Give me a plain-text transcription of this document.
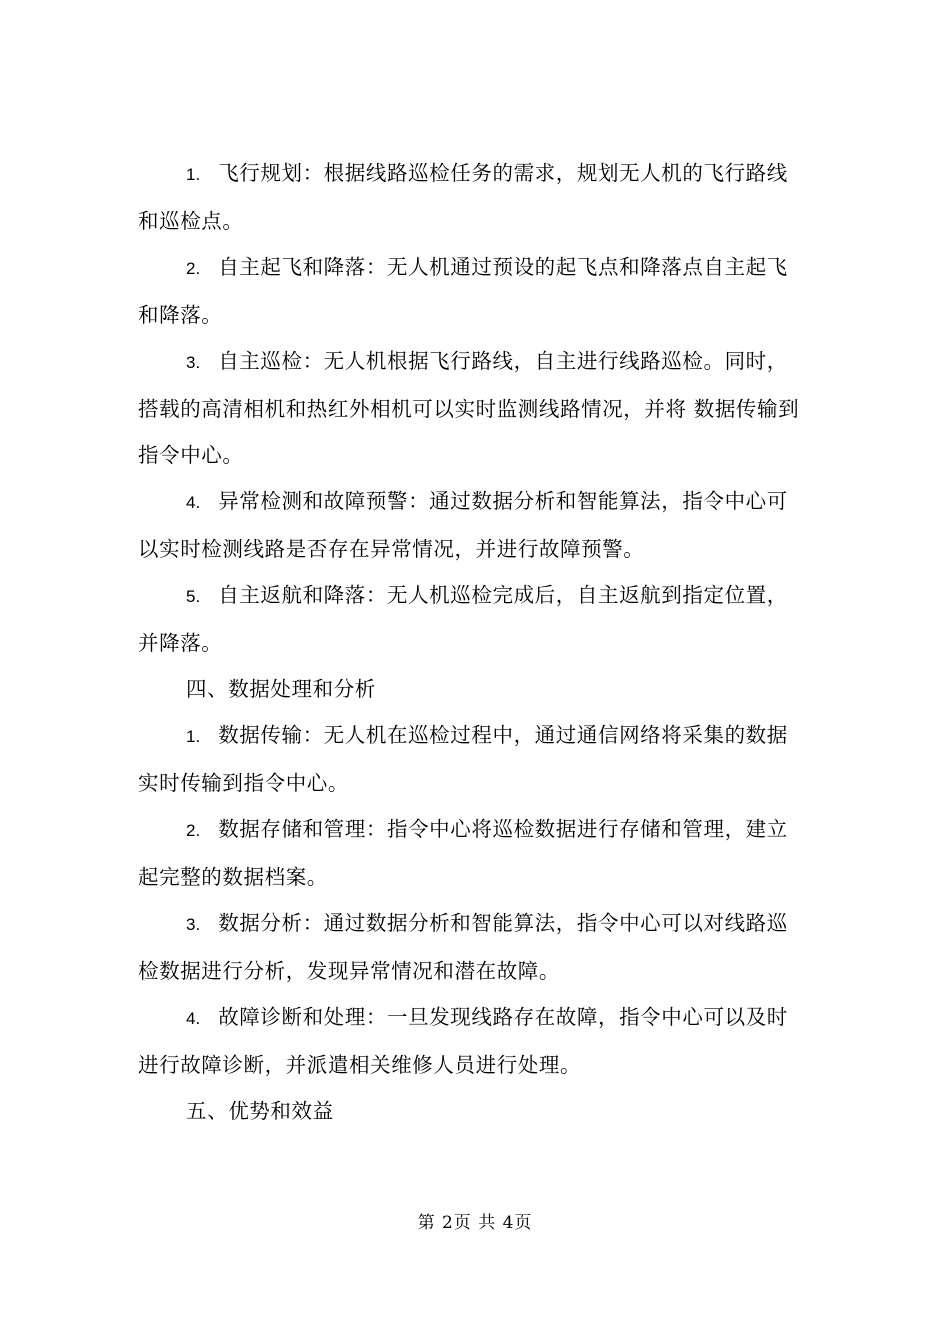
1. 飞行规划：根据线路巡检任务的需求，规划无人机的飞行路线和巡检点。

2. 自主起飞和降落：无人机通过预设的起飞点和降落点自主起飞和降落。

3. 自主巡检：无人机根据飞行路线，自主进行线路巡检。同时，搭载的高清相机和热红外相机可以实时监测线路情况，并将 数据传输到指令中心。

4. 异常检测和故障预警：通过数据分析和智能算法，指令中心可以实时检测线路是否存在异常情况，并进行故障预警。

5. 自主返航和降落：无人机巡检完成后，自主返航到指定位置，并降落。

四、数据处理和分析

1. 数据传输：无人机在巡检过程中，通过通信网络将采集的数据实时传输到指令中心。

2. 数据存储和管理：指令中心将巡检数据进行存储和管理，建立起完整的数据档案。

3. 数据分析：通过数据分析和智能算法，指令中心可以对线路巡检数据进行分析，发现异常情况和潜在故障。

4. 故障诊断和处理：一旦发现线路存在故障，指令中心可以及时进行故障诊断，并派遣相关维修人员进行处理。

五、优势和效益

第 2页 共 4页
